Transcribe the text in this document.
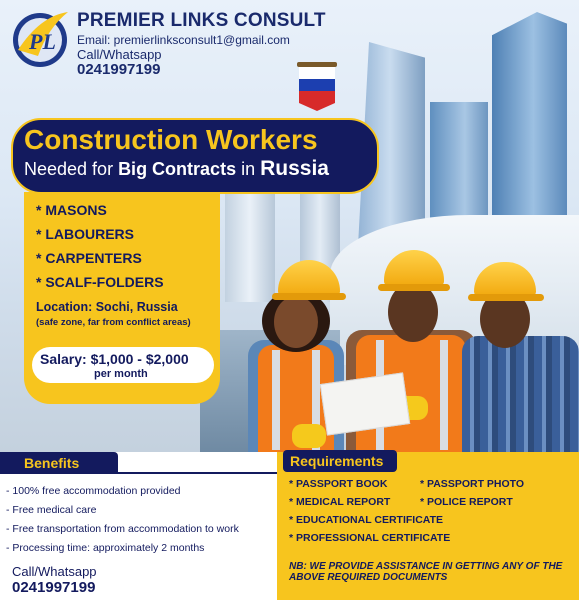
PL
PREMIER LINKS CONSULT
Email: premierlinksconsult1@gmail.com
Call/Whatsapp
0241997199
Construction Workers
Needed for Big Contracts in Russia
* MASONS
* LABOURERS
* CARPENTERS
* SCALF-FOLDERS
Location: Sochi, Russia
(safe zone, far from conflict areas)
Salary: $1,000 - $2,000
per month
Benefits
- 100% free accommodation provided
- Free medical care
- Free transportation from accommodation to work
- Processing time: approximately 2 months
Call/Whatsapp
0241997199
Requirements
* PASSPORT BOOK	* PASSPORT PHOTO
* MEDICAL REPORT	* POLICE REPORT
* EDUCATIONAL CERTIFICATE
* PROFESSIONAL CERTIFICATE
NB: WE PROVIDE ASSISTANCE IN GETTING ANY OF THE ABOVE REQUIRED DOCUMENTS
